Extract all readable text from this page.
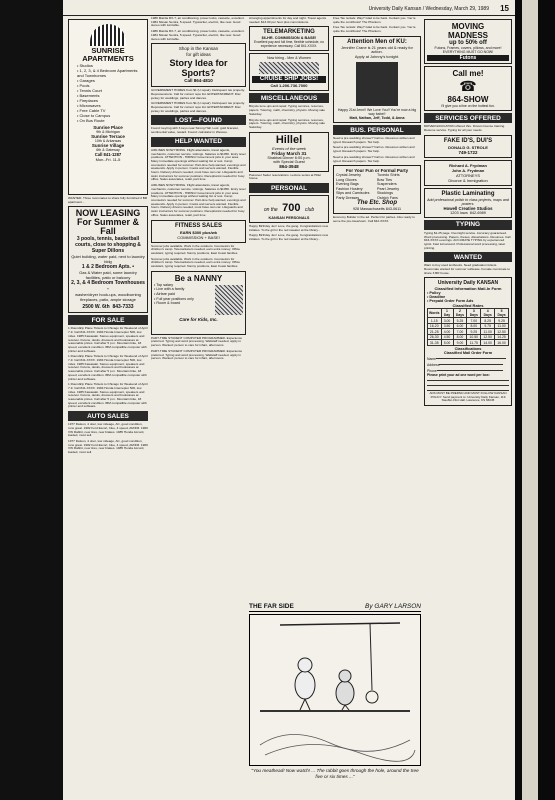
University Daily Kansan / Wednesday, March 29, 1989 15
SUNRISE APARTMENTS
• Studios
• 1, 2, 3, & 4 Bedroom Apartments and Townhomes
• Garages
• Pools
• Tennis Court
• Basements
• Fireplaces
• Microwaves
• Free Cable TV
• Close to Campus
• On Bus Route
Sunrise Place
9th & Michigan
Sunrise Terrace
10th & Arkansas
Sunrise Village
6th & Gateway
Call 841-1287
Mon.-Fri. 11-5

WANTED: Three roommates to share fully furnished 2 BR apartment...

NOW LEASING For Summer & Fall
3 pools, tennis, basketball courts, close to shopping & Super Dillons
Quiet building, water paid, next to laundry bldg
1 & 2 Bedroom Apts. •
Gas & Water paid, some laundry facilities, patio or balcony
2, 3, & 4 Bedroom Townhouses -
washer/dryer hook-ups, woodburning fireplaces, patio, ample storage
2500 W. 6th 843-7333
FOR SALE

1 Roundtrip Plane Tickets to Chicago for Weekend of April 7-9. Call 841-XXXX. 1984 Honda Interceptor 500, low miles. 1985 Kawasaki. Stereo equipment, speakers and receiver. Futons, desks, dressers and bookcases at reasonable prices. Call after 5 p.m. Mountain bike, 18 speed, excellent condition. IBM compatible computer with printer and software.

1 Roundtrip Plane Tickets to Chicago for Weekend of April 7-9. Call 841-XXXX. 1984 Honda Interceptor 500, low miles. 1985 Kawasaki. Stereo equipment, speakers and receiver. Futons, desks, dressers and bookcases at reasonable prices. Call after 5 p.m. Mountain bike, 18 speed, excellent condition. IBM compatible computer with printer and software.

1 Roundtrip Plane Tickets to Chicago for Weekend of April 7-9. Call 841-XXXX. 1984 Honda Interceptor 500, low miles. 1985 Kawasaki. Stereo equipment, speakers and receiver. Futons, desks, dressers and bookcases at reasonable prices. Call after 5 p.m. Mountain bike, 18 speed, excellent condition. IBM compatible computer with printer and software.

AUTO SALES

1977 Datsun, 4 door, low mileage, AC, good condition, runs great. 1982 Ford Escort, blue, 4 speed, AM/FM. 1980 VW Rabbit, new tires, new brakes. 1985 Honda Accord, loaded, must sell.

1977 Datsun, 4 door, low mileage, AC, good condition, runs great. 1982 Ford Escort, blue, 4 speed, AM/FM. 1980 VW Rabbit, new tires, new brakes. 1985 Honda Accord, loaded, must sell.

1986 Mazda RX-7, air conditioning, power locks, cassette, excellent. 1984 Nissan Sentra, 5-speed. Typewriter, electric, like new. Good stereo with turntable.

1986 Mazda RX-7, air conditioning, power locks, cassette, excellent. 1984 Nissan Sentra, 5-speed. Typewriter, electric, like new. Good stereo with turntable.

Shop in the Kansan
for gift ideas
Story Idea for Sports?
Call 864-4810

GOVERNMENT HOMES from $1 (U repair). Delinquent tax property. Repossessions. Call for current repo list. ENTERTAINMENT: Disc jockey for weddings, parties and dances.

GOVERNMENT HOMES from $1 (U repair). Delinquent tax property. Repossessions. Call for current repo list. ENTERTAINMENT: Disc jockey for weddings, parties and dances.

LOST—FOUND

Found: keyring with 3 keys near Strong Hall. Lost: gold bracelet, sentimental value, reward. Found: calculator in Wescoe.

HELP WANTED

AIRLINES NOW HIRING. Flight attendants, travel agents, mechanics, customer service. Listings. Salaries to $105K. Entry level positions. ATTENTION - HIRING! Government jobs in your area. Many immediate openings without waiting list or test. Camp counselors needed for summer. Part-time help wanted, evenings and weekends. Apply in person. Cooks and servers wanted. Flexible hours. Delivery drivers needed, must have own car. Lifeguards and swim instructors for summer positions. Receptionist needed for busy office. Sales associates, retail, part time.

AIRLINES NOW HIRING. Flight attendants, travel agents, mechanics, customer service. Listings. Salaries to $105K. Entry level positions. ATTENTION - HIRING! Government jobs in your area. Many immediate openings without waiting list or test. Camp counselors needed for summer. Part-time help wanted, evenings and weekends. Apply in person. Cooks and servers wanted. Flexible hours. Delivery drivers needed, must have own car. Lifeguards and swim instructors for summer positions. Receptionist needed for busy office. Sales associates, retail, part time.

FITNESS SALES
EARN $300 plus/wk
COMMISSION + BASE!

Summer jobs available. Work in the outdoors. Counselors for children's camp. Telemarketers needed, earn extra money. Office assistant, typing required. Nanny positions, East Coast families.

Summer jobs available. Work in the outdoors. Counselors for children's camp. Telemarketers needed, earn extra money. Office assistant, typing required. Nanny positions, East Coast families.

Be a NANNY
• Top salary
• Live with a family
• Airfare paid
• Full year positions only
• Room & board
Care for Kids, Inc.

PART-TIME STUDENT COMPUTER PROGRAMMER. Experience preferred. Typing and word processing. Waitstaff needed, apply in person. Wanted: person to care for infant, afternoons.

PART-TIME STUDENT COMPUTER PROGRAMMER. Experience preferred. Typing and word processing. Waitstaff needed, apply in person. Wanted: person to care for infant, afternoons.

Arranging appointments for day and night. Travel agents needed. $13.00 per hour plus commissions.

TELEMARKETING
$6-HR. COMMISSION & BASE!
Excellent pay and full time, flexible schedule, no experience necessary. Call 841-XXXX.
Now hiring - Men & Women
CRUISE SHIP JOBS!
Call 1-206-736-7000
MISCELLANEOUS

Bicycle tune-ups and repair. Typing services, resumes, papers. Tutoring, math, chemistry, physics. Moving sale Saturday.

Bicycle tune-ups and repair. Typing services, resumes, papers. Tutoring, math, chemistry, physics. Moving sale Saturday.

Hillel
Events of the week
Friday March 31
Shabbat Dinner 6:00 p.m.
with Special Guest
864-3948

Passover Seder reservations. Lecture series at Hillel house.

PERSONAL
on the 700 club
KANSAN PERSONALS

Happy Birthday Jen! Love, the gang. Congratulations new initiates. To the girl in the red sweater at the library...

Happy Birthday Jen! Love, the gang. Congratulations new initiates. To the girl in the red sweater at the library...

THE FAR SIDE	By GARY LARSON
"You meathead! Now watch! ... The rabbit goes through the hole, around the tree five or six times ..."

Free Tax rentals: Way? Glad to be back. Contact you. You're quite the contributor! The Phantom.

Free Tax rentals: Way? Glad to be back. Contact you. You're quite the contributor! The Phantom.

Attention Men of KU:
Jennifer Crane is 21 years old & ready for action.
Apply at Johnny's tonight.
Happy 21st Jenn!! We Love You!! You're now a big way babe!!
Matt, Nathan, Jeff, Todd, & Anna
BUS. PERSONAL

Need a pre-wedding shower? Call us. Resumes written and typed. Research papers. Tax help.

Need a pre-wedding shower? Call us. Resumes written and typed. Research papers. Tax help.

Need a pre-wedding shower? Call us. Resumes written and typed. Research papers. Tax help.

For Your Fun or Formal Party
Crystal Jewelry
Long Gloves
Evening Bags
Fashion Hosiery
Slips and Camisoles
Party Dresses
Tuxedo Shirts
Bow Ties
Suspenders
Pearl Jewelry
Stockings
Ostrich Fans
The Etc. Shop
928 Massachusetts 843-0611

Economy Builder in the ad. Perfect for parties. Also ready to serve the pre-lowertown. Call 842-XXXX.

MOVING
MADNESS
up to 50% off
Futons, Frames, covers, pillows, and more! EVERYTHING MUST GO NOW!
Futons
Call me!
☎
864-SHOW
I'll give you a line on the hottest fun.
SERVICES OFFERED

DRIVER EDUCATION offered thru. Drivers license training. Resume service. Typing for all your needs.

FAKE ID'S, DUI'S
DONALD G. STROLE
749-1722
Richard A. Frydman
John A. Frydman
ATTORNEYS
Divorce & Immigration
Plastic Laminating
Add professional polish to class projects, maps and posters.
Howell Creative Studios
1203 Iowa 842-6989
TYPING

Typing $1.25 page. Overnight service. Accuracy guaranteed. Word processing. Papers, theses, dissertations. Resumes. Call 843-XXXX evenings. ACCURATE TYPING by experienced typist. Fast turnaround. Professional word processing, laser printing.

WANTED

Want to buy used textbooks. Need graduation tickets. Roommate wanted for summer sublease. Female roommate to share 3 BR house.

University Daily KANSAN
Classified Information Mail-In Form
• Policy
• Deadline
• Prepaid Order Form Ads
Classified Rates
Words	1 Day	2 Days	3 Days	4 Days	5 Days
1-15	3.00	5.25	7.00	8.25	9.25
16-20	3.50	6.00	8.00	9.75	11.00
21-25	4.00	7.00	9.25	11.00	12.50
26-30	4.50	8.00	10.50	12.50	14.25
31-35	5.00	9.00	11.75	14.00	16.00
Classifications
Classified Mail Order Form
Name
Address
Phone
Please print your ad one word per box:
ADS MUST BE PREPAID AND MUST FOLLOW KANSAN POLICY. Send payment to: University Daily Kansan, 119 Stauffer-Flint Hall, Lawrence, KS 66045
